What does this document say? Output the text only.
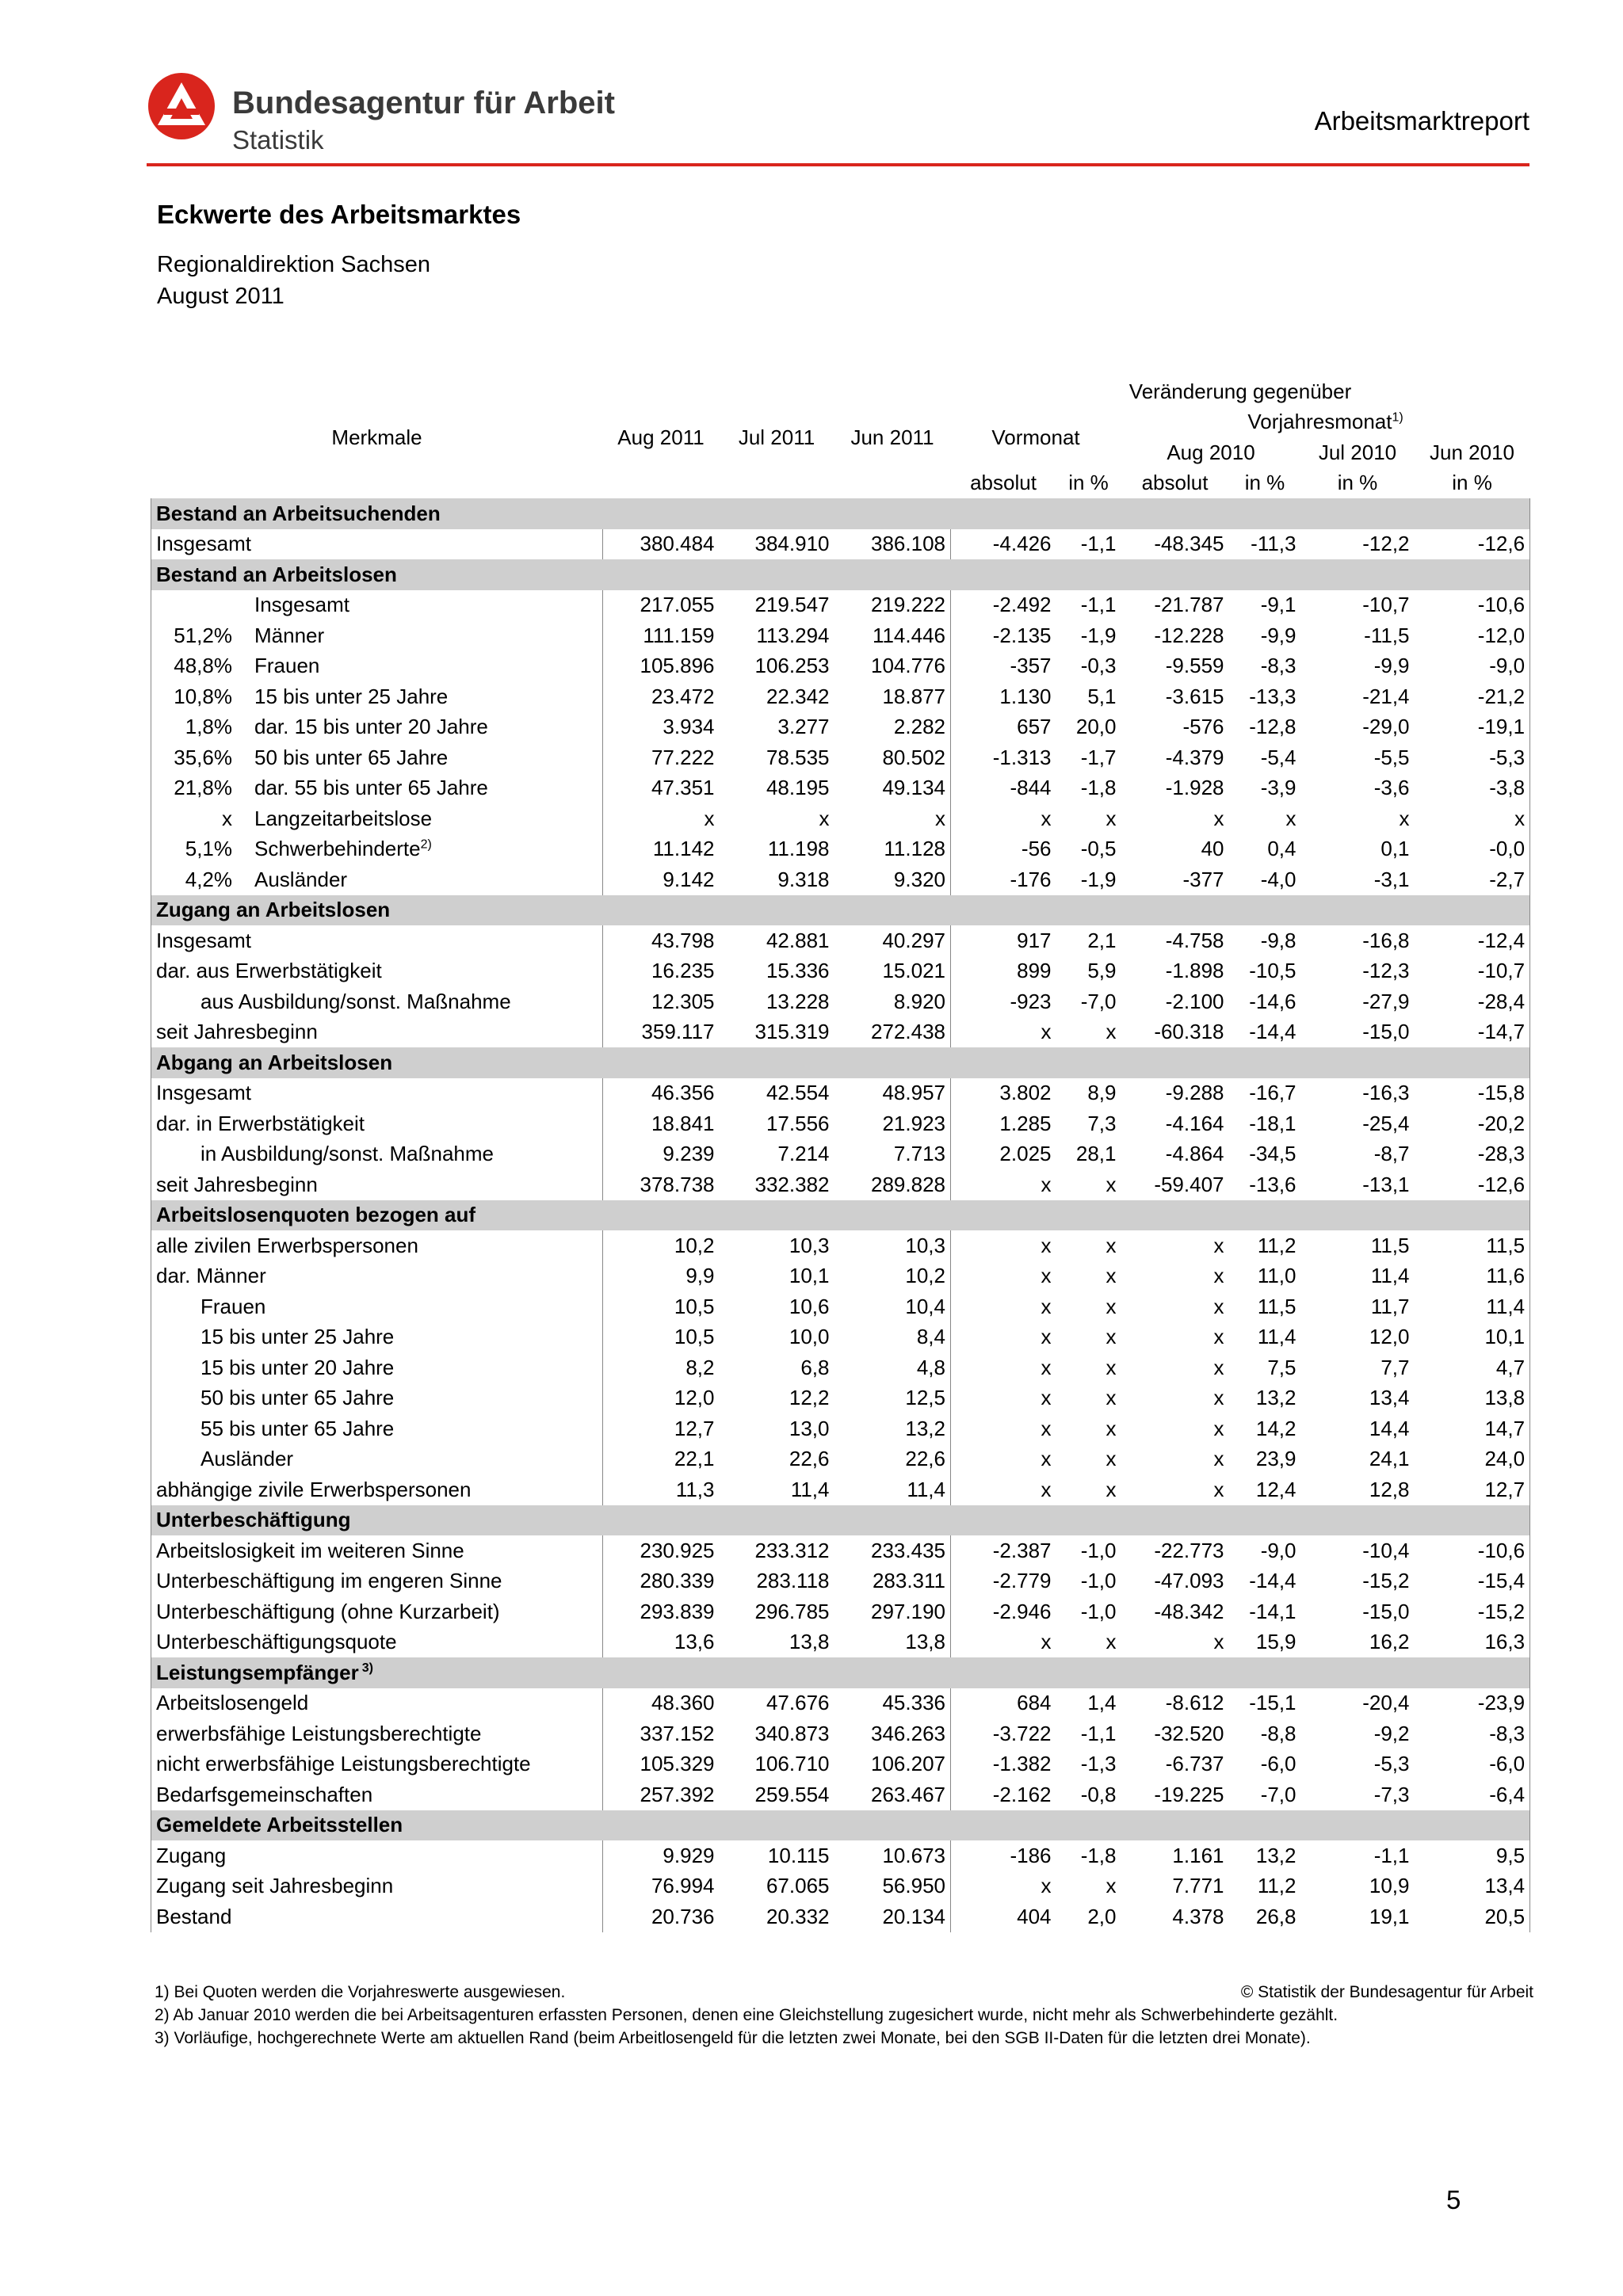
Bundesagentur für Arbeit
Statistik
Arbeitsmarktreport
Eckwerte des Arbeitsmarktes
Regionaldirektion Sachsen
August 2011
Merkmale	Aug 2011	Jul 2011	Jun 2011	Veränderung gegenüber					
				Vormonat		Vorjahresmonat$^{1)}$
						Aug 2010		Jul 2010	Jun 2010
				absolut	in %	absolut	in %	in %	in %
Bestand an Arbeitsuchenden									
Insgesamt	380.484	384.910	386.108	-4.426	-1,1	-48.345	-11,3	-12,2	-12,6
Bestand an Arbeitslosen									
Insgesamt	217.055	219.547	219.222	-2.492	-1,1	-21.787	-9,1	-10,7	-10,6
51,2% Männer	111.159	113.294	114.446	-2.135	-1,9	-12.228	-9,9	-11,5	-12,0
48,8% Frauen	105.896	106.253	104.776	-357	-0,3	-9.559	-8,3	-9,9	-9,0
10,8% 15 bis unter 25 Jahre	23.472	22.342	18.877	1.130	5,1	-3.615	-13,3	-21,4	-21,2
1,8% dar. 15 bis unter 20 Jahre	3.934	3.277	2.282	657	20,0	-576	-12,8	-29,0	-19,1
35,6% 50 bis unter 65 Jahre	77.222	78.535	80.502	-1.313	-1,7	-4.379	-5,4	-5,5	-5,3
21,8% dar. 55 bis unter 65 Jahre	47.351	48.195	49.134	-844	-1,8	-1.928	-3,9	-3,6	-3,8
x Langzeitarbeitslose	x	x	x	x	x	x	x	x	x
5,1% Schwerbehinderte$^{2)}$	11.142	11.198	11.128	-56	-0,5	40	0,4	0,1	-0,0
4,2% Ausländer	9.142	9.318	9.320	-176	-1,9	-377	-4,0	-3,1	-2,7
Zugang an Arbeitslosen									
Insgesamt	43.798	42.881	40.297	917	2,1	-4.758	-9,8	-16,8	-12,4
dar. aus Erwerbstätigkeit	16.235	15.336	15.021	899	5,9	-1.898	-10,5	-12,3	-10,7
aus Ausbildung/sonst. Maßnahme	12.305	13.228	8.920	-923	-7,0	-2.100	-14,6	-27,9	-28,4
seit Jahresbeginn	359.117	315.319	272.438	x	x	-60.318	-14,4	-15,0	-14,7
Abgang an Arbeitslosen									
Insgesamt	46.356	42.554	48.957	3.802	8,9	-9.288	-16,7	-16,3	-15,8
dar. in Erwerbstätigkeit	18.841	17.556	21.923	1.285	7,3	-4.164	-18,1	-25,4	-20,2
in Ausbildung/sonst. Maßnahme	9.239	7.214	7.713	2.025	28,1	-4.864	-34,5	-8,7	-28,3
seit Jahresbeginn	378.738	332.382	289.828	x	x	-59.407	-13,6	-13,1	-12,6
Arbeitslosenquoten bezogen auf									
alle zivilen Erwerbspersonen	10,2	10,3	10,3	x	x	x	11,2	11,5	11,5
dar. Männer	9,9	10,1	10,2	x	x	x	11,0	11,4	11,6
Frauen	10,5	10,6	10,4	x	x	x	11,5	11,7	11,4
15 bis unter 25 Jahre	10,5	10,0	8,4	x	x	x	11,4	12,0	10,1
15 bis unter 20 Jahre	8,2	6,8	4,8	x	x	x	7,5	7,7	4,7
50 bis unter 65 Jahre	12,0	12,2	12,5	x	x	x	13,2	13,4	13,8
55 bis unter 65 Jahre	12,7	13,0	13,2	x	x	x	14,2	14,4	14,7
Ausländer	22,1	22,6	22,6	x	x	x	23,9	24,1	24,0
abhängige zivile Erwerbspersonen	11,3	11,4	11,4	x	x	x	12,4	12,8	12,7
Unterbeschäftigung									
Arbeitslosigkeit im weiteren Sinne	230.925	233.312	233.435	-2.387	-1,0	-22.773	-9,0	-10,4	-10,6
Unterbeschäftigung im engeren Sinne	280.339	283.118	283.311	-2.779	-1,0	-47.093	-14,4	-15,2	-15,4
Unterbeschäftigung (ohne Kurzarbeit)	293.839	296.785	297.190	-2.946	-1,0	-48.342	-14,1	-15,0	-15,2
Unterbeschäftigungsquote	13,6	13,8	13,8	x	x	x	15,9	16,2	16,3
Leistungsempfänger $^{3)}$	
Arbeitslosengeld	48.360	47.676	45.336	684	1,4	-8.612	-15,1	-20,4	-23,9
erwerbsfähige Leistungsberechtigte	337.152	340.873	346.263	-3.722	-1,1	-32.520	-8,8	-9,2	-8,3
nicht erwerbsfähige Leistungsberechtigte	105.329	106.710	106.207	-1.382	-1,3	-6.737	-6,0	-5,3	-6,0
Bedarfsgemeinschaften	257.392	259.554	263.467	-2.162	-0,8	-19.225	-7,0	-7,3	-6,4
Gemeldete Arbeitsstellen									
Zugang	9.929	10.115	10.673	-186	-1,8	1.161	13,2	-1,1	9,5
Zugang seit Jahresbeginn	76.994	67.065	56.950	x	x	7.771	11,2	10,9	13,4
Bestand	20.736	20.332	20.134	404	2,0	4.378	26,8	19,1	20,5
1) Bei Quoten werden die Vorjahreswerte ausgewiesen.	© Statistik der Bundesagentur für Arbeit
2) Ab Januar 2010 werden die bei Arbeitsagenturen erfassten Personen, denen eine Gleichstellung zugesichert wurde, nicht mehr als Schwerbehinderte gezählt.
3) Vorläufige, hochgerechnete Werte am aktuellen Rand (beim Arbeitlosengeld für die letzten zwei Monate, bei den SGB II-Daten für die letzten drei Monate).
5
